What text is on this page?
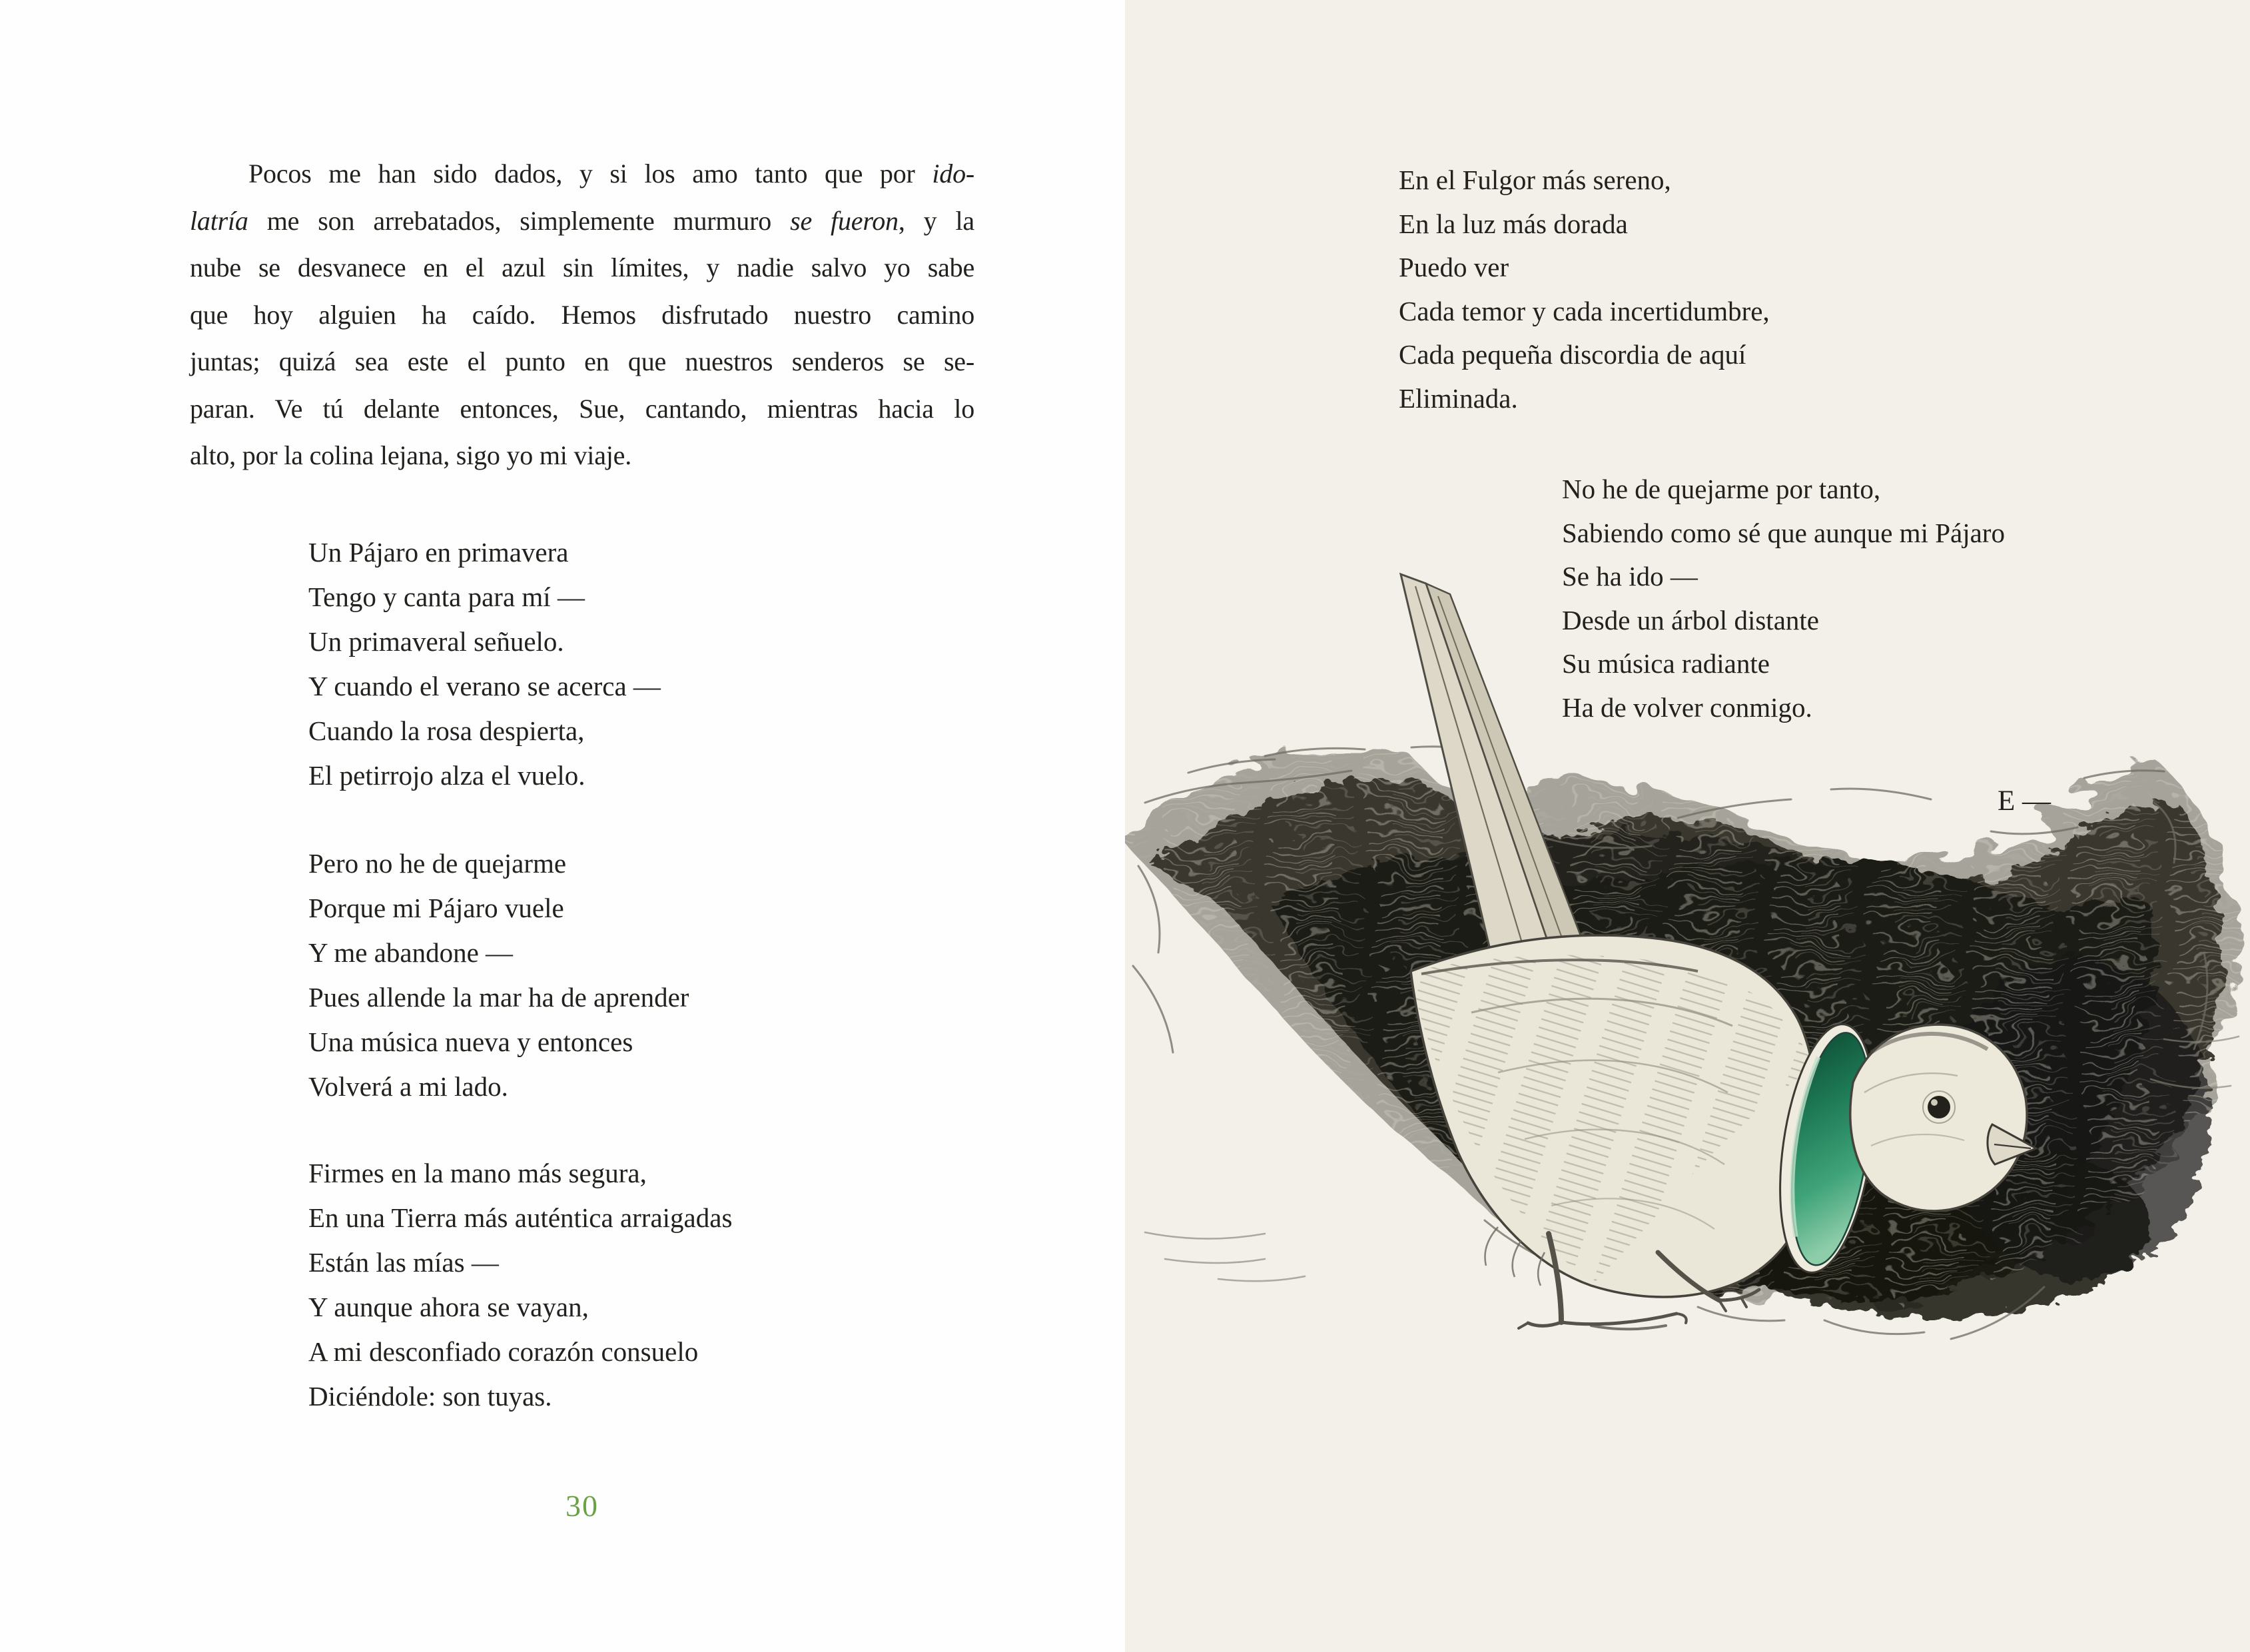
Pocos me han sido dados, y si los amo tanto que por ido-

latría me son arrebatados, simplemente murmuro se fueron, y la

nube se desvanece en el azul sin límites, y nadie salvo yo sabe

que hoy alguien ha caído. Hemos disfrutado nuestro camino

juntas; quizá sea este el punto en que nuestros senderos se se-

paran. Ve tú delante entonces, Sue, cantando, mientras hacia lo

alto, por la colina lejana, sigo yo mi viaje.

Un Pájaro en primavera

Tengo y canta para mí —

Un primaveral señuelo.

Y cuando el verano se acerca —

Cuando la rosa despierta,

El petirrojo alza el vuelo.

Pero no he de quejarme

Porque mi Pájaro vuele

Y me abandone —

Pues allende la mar ha de aprender

Una música nueva y entonces

Volverá a mi lado.

Firmes en la mano más segura,

En una Tierra más auténtica arraigadas

Están las mías —

Y aunque ahora se vayan,

A mi desconfiado corazón consuelo

Diciéndole: son tuyas.

30

En el Fulgor más sereno,

En la luz más dorada

Puedo ver

Cada temor y cada incertidumbre,

Cada pequeña discordia de aquí

Eliminada.

No he de quejarme por tanto,

Sabiendo como sé que aunque mi Pájaro

Se ha ido —

Desde un árbol distante

Su música radiante

Ha de volver conmigo.

E —
